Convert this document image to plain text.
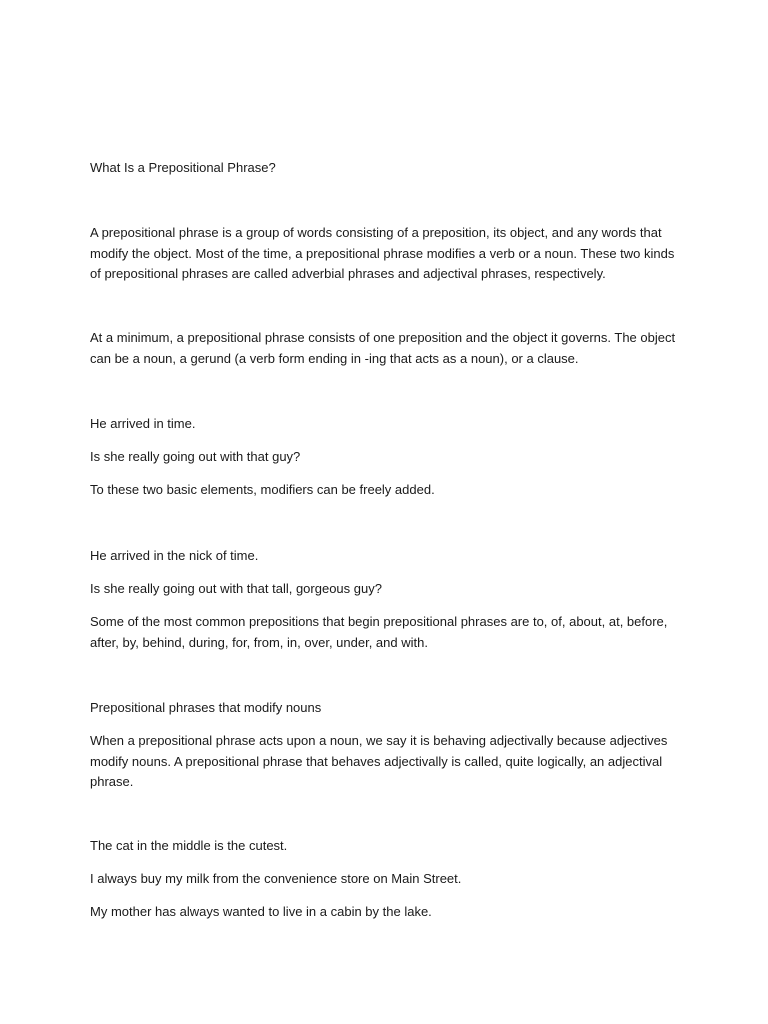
What Is a Prepositional Phrase?

A prepositional phrase is a group of words consisting of a preposition, its object, and any words that modify the object. Most of the time, a prepositional phrase modifies a verb or a noun. These two kinds of prepositional phrases are called adverbial phrases and adjectival phrases, respectively.

At a minimum, a prepositional phrase consists of one preposition and the object it governs. The object can be a noun, a gerund (a verb form ending in -ing that acts as a noun), or a clause.

He arrived in time.

Is she really going out with that guy?

To these two basic elements, modifiers can be freely added.

He arrived in the nick of time.

Is she really going out with that tall, gorgeous guy?

Some of the most common prepositions that begin prepositional phrases are to, of, about, at, before, after, by, behind, during, for, from, in, over, under, and with.

Prepositional phrases that modify nouns

When a prepositional phrase acts upon a noun, we say it is behaving adjectivally because adjectives modify nouns. A prepositional phrase that behaves adjectivally is called, quite logically, an adjectival phrase.

The cat in the middle is the cutest.

I always buy my milk from the convenience store on Main Street.

My mother has always wanted to live in a cabin by the lake.
